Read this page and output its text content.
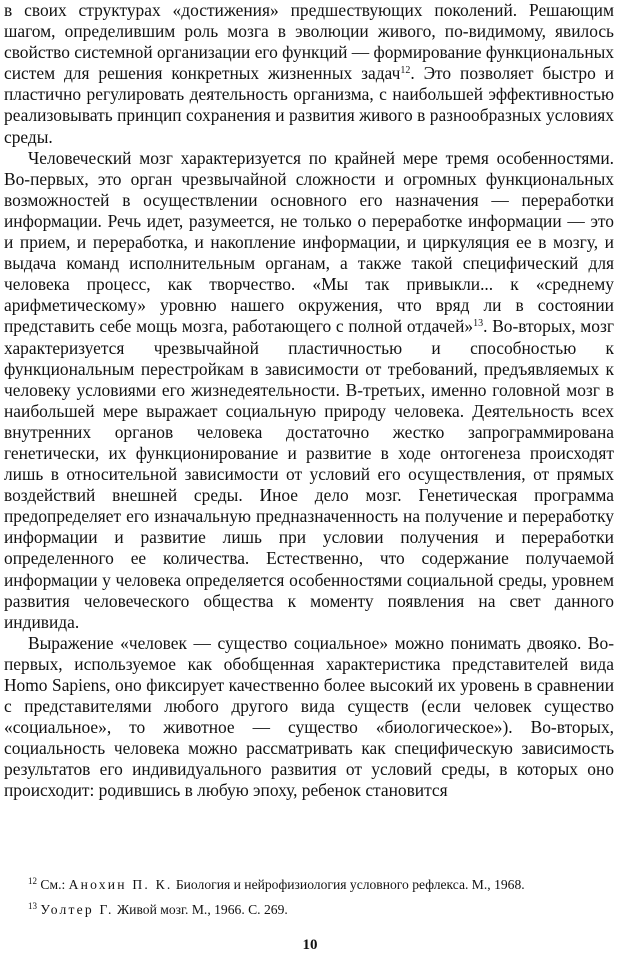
в своих структурах «достижения» предшествующих поколений. Решающим шагом, определившим роль мозга в эволюции живого, по-видимому, явилось свойство системной организации его функций — формирование функциональных систем для решения конкретных жизненных задач$^{12}$. Это позволяет быстро и пластично регулировать деятельность организма, с наибольшей эффективностью реализовывать принцип сохранения и развития живого в разнообразных условиях среды.

Человеческий мозг характеризуется по крайней мере тремя особенностями. Во-первых, это орган чрезвычайной сложности и огромных функциональных возможностей в осуществлении основного его назначения — переработки информации. Речь идет, разумеется, не только о переработке информации — это и прием, и переработка, и накопление информации, и циркуляция ее в мозгу, и выдача команд исполнительным органам, а также такой специфический для человека процесс, как творчество. «Мы так привыкли... к «среднему арифметическому» уровню нашего окружения, что вряд ли в состоянии представить себе мощь мозга, работающего с полной отдачей»$^{13}$. Во-вторых, мозг характеризуется чрезвычайной пластичностью и способностью к функциональным перестройкам в зависимости от требований, предъявляемых к человеку условиями его жизнедеятельности. В-третьих, именно головной мозг в наибольшей мере выражает социальную природу человека. Деятельность всех внутренних органов человека достаточно жестко запрограммирована генетически, их функционирование и развитие в ходе онтогенеза происходят лишь в относительной зависимости от условий его осуществления, от прямых воздействий внешней среды. Иное дело мозг. Генетическая программа предопределяет его изначальную предназначенность на получение и переработку информации и развитие лишь при условии получения и переработки определенного ее количества. Естественно, что содержание получаемой информации у человека определяется особенностями социальной среды, уровнем развития человеческого общества к моменту появления на свет данного индивида.

Выражение «человек — существо социальное» можно понимать двояко. Во-первых, используемое как обобщенная характеристика представителей вида Homo Sapiens, оно фиксирует качественно более высокий их уровень в сравнении с представителями любого другого вида существ (если человек существо «социальное», то животное — существо «биологическое»). Во-вторых, социальность человека можно рассматривать как специфическую зависимость результатов его индивидуального развития от условий среды, в которых оно происходит: родившись в любую эпоху, ребенок становится

$^{12}$ См.: Анохин П. К. Биология и нейрофизиология условного рефлекса. М., 1968.

$^{13}$ Уолтер Г. Живой мозг. М., 1966. С. 269.

10
